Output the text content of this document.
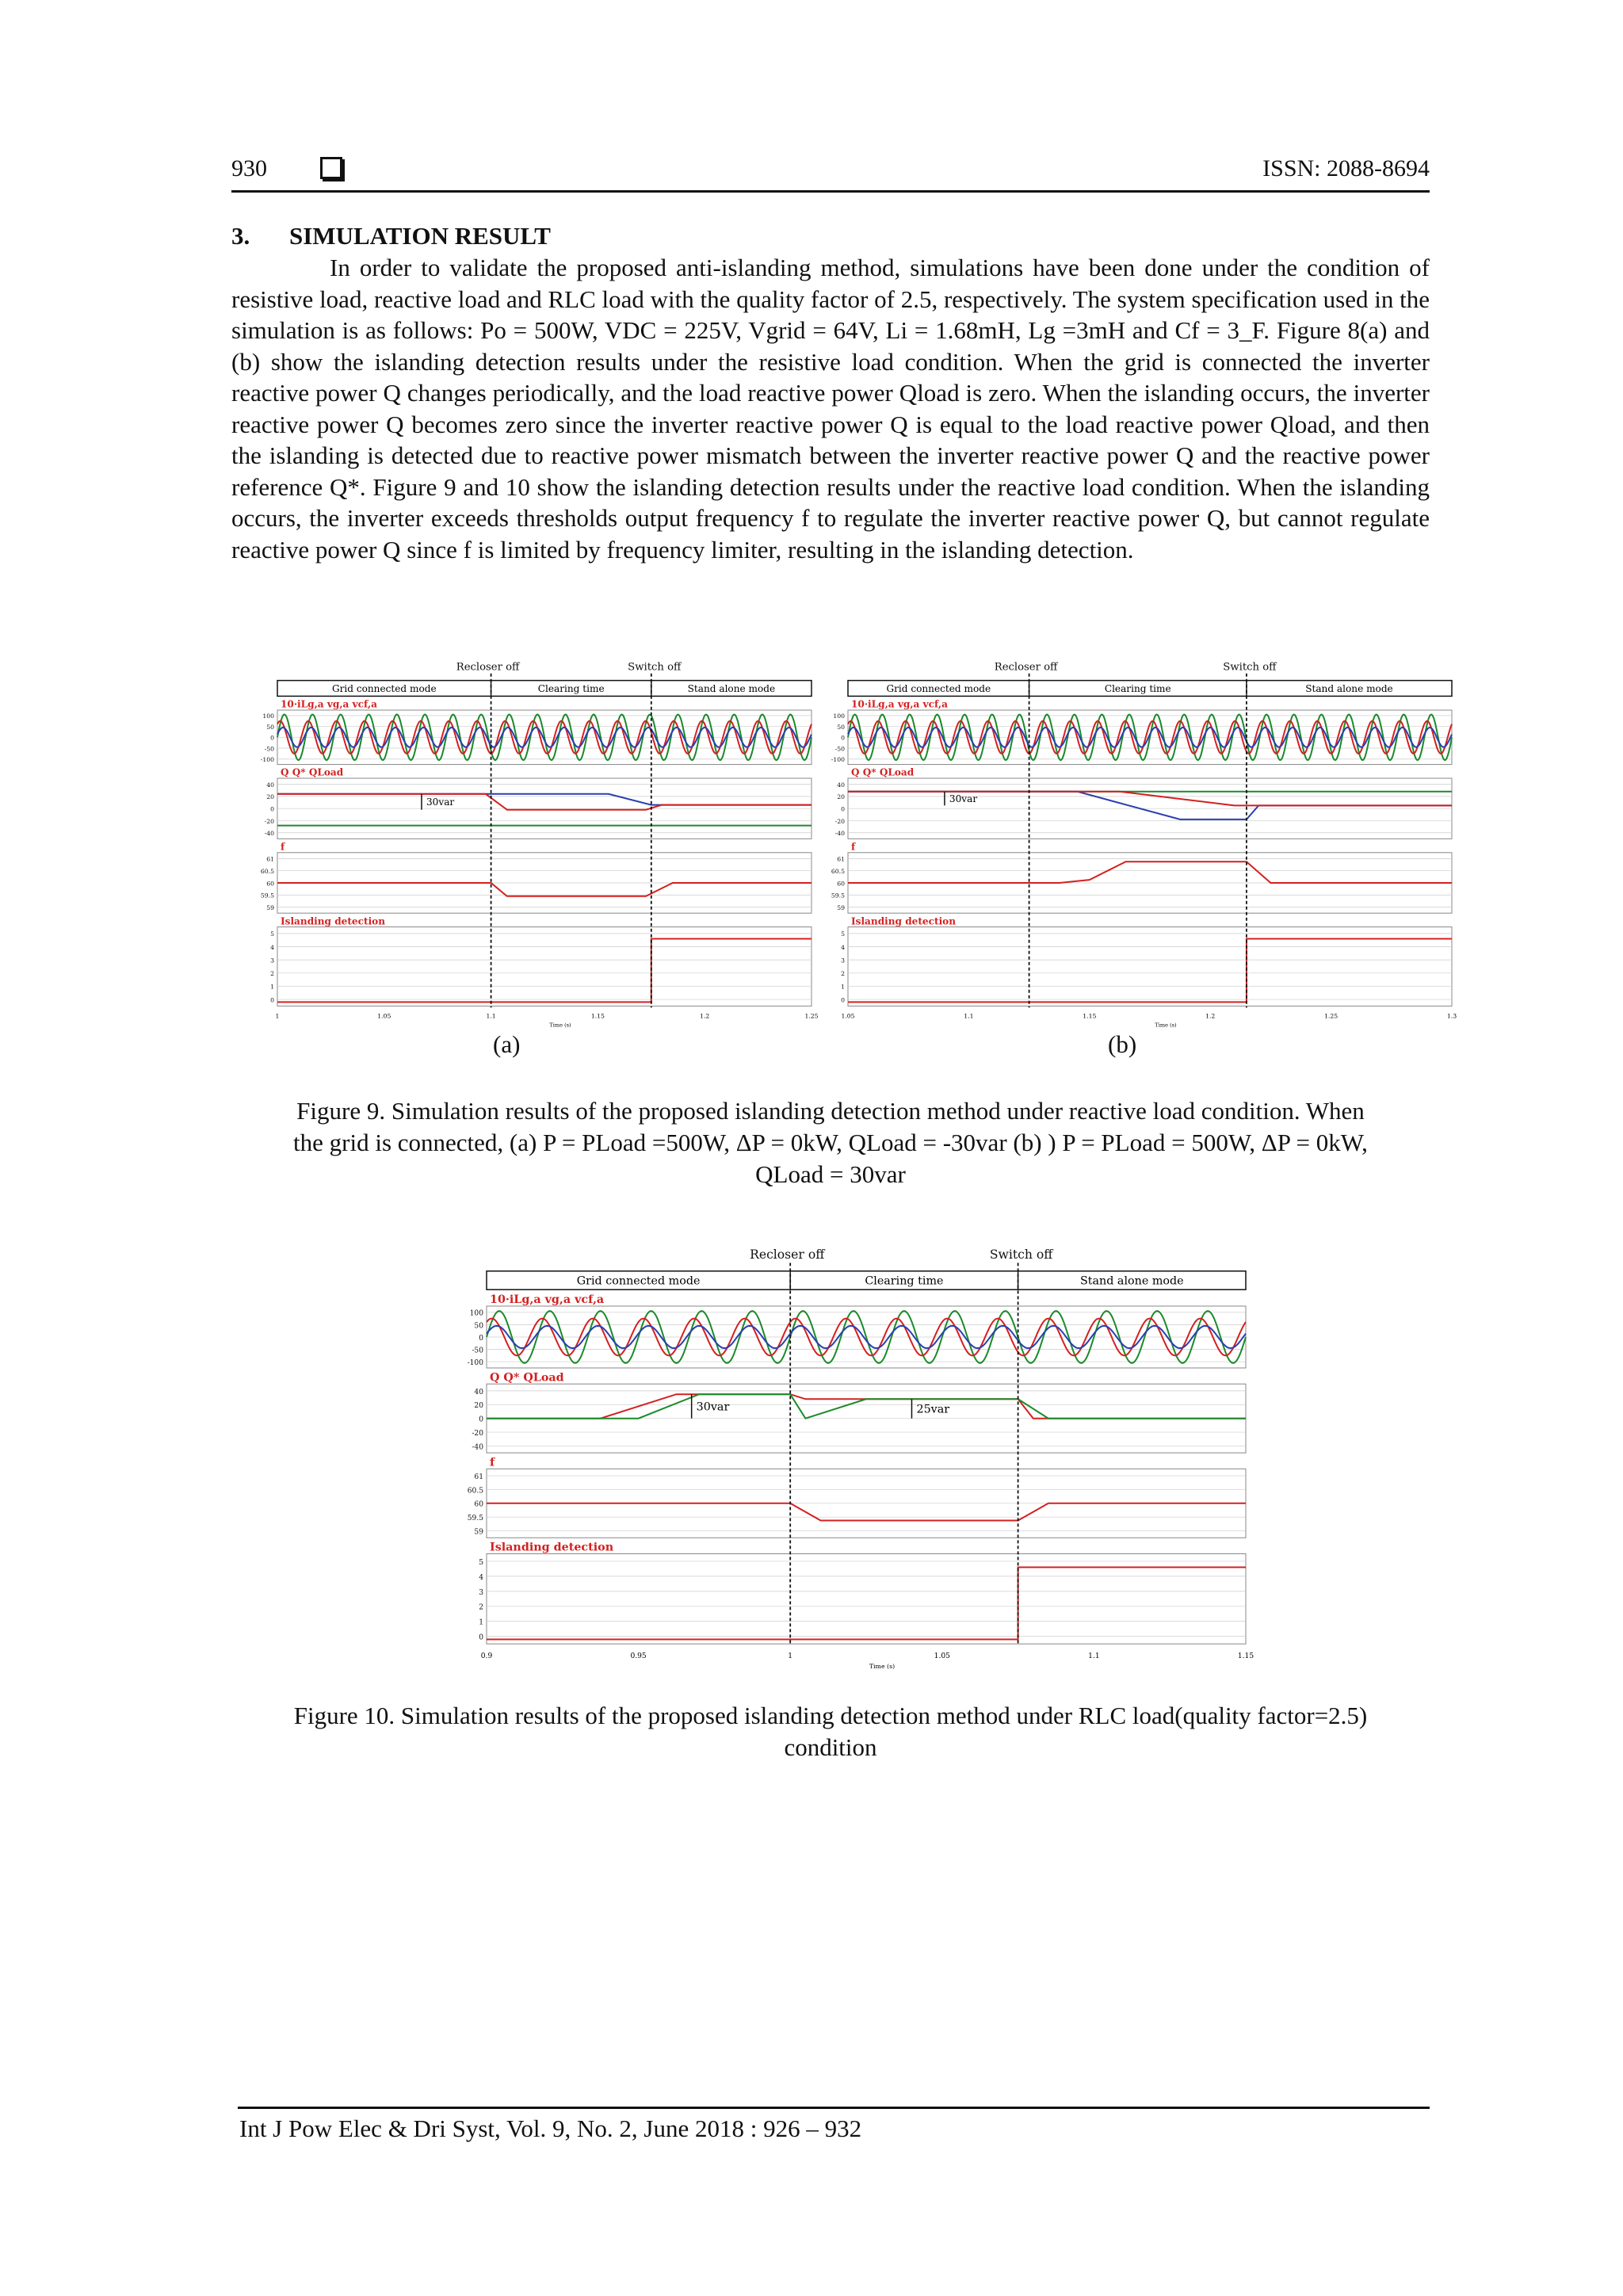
930	ISSN: 2088-8694
3. SIMULATION RESULT
In order to validate the proposed anti-islanding method, simulations have been done under the condition of resistive load, reactive load and RLC load with the quality factor of 2.5, respectively. The system specification used in the simulation is as follows: Po = 500W, VDC = 225V, Vgrid = 64V, Li = 1.68mH, Lg =3mH and Cf = 3_F. Figure 8(a) and (b) show the islanding detection results under the resistive load condition. When the grid is connected the inverter reactive power Q changes periodically, and the load reactive power Qload is zero. When the islanding occurs, the inverter reactive power Q becomes zero since the inverter reactive power Q is equal to the load reactive power Qload, and then the islanding is detected due to reactive power mismatch between the inverter reactive power Q and the reactive power reference Q*. Figure 9 and 10 show the islanding detection results under the reactive load condition. When the islanding occurs, the inverter exceeds thresholds output frequency f to regulate the inverter reactive power Q, but cannot regulate reactive power Q since f is limited by frequency limiter, resulting in the islanding detection.
Recloser off	Switch off
Grid connected mode	Clearing time	Stand alone mode
10·iLg,a vg,a vcf,a
100
50
0
-50
-100
Q Q* QLoad
40
20
0
-20
-40
30var
f
61
60.5
60
59.5
59
Islanding detection
5
4
3
2
1
0
1	1.05	1.1	1.15	1.2	1.25
Time (s)
(a)
Recloser off	Switch off
Grid connected mode	Clearing time	Stand alone mode
10·iLg,a vg,a vcf,a
100
50
0
-50
-100
Q Q* QLoad
40
20
0
-20
-40
30var
f
61
60.5
60
59.5
59
Islanding detection
5
4
3
2
1
0
1.05	1.1	1.15	1.2	1.25	1.3
Time (s)
(b)
Figure 9. Simulation results of the proposed islanding detection method under reactive load condition. When
the grid is connected, (a) P = PLoad =500W, ΔP = 0kW, QLoad = -30var (b) ) P = PLoad = 500W, ΔP = 0kW,
QLoad = 30var
Recloser off	Switch off
Grid connected mode	Clearing time	Stand alone mode
10·iLg,a vg,a vcf,a
100
50
0
-50
-100
Q Q* QLoad
40
20
0
-20
-40
30var	25var
f
61
60.5
60
59.5
59
Islanding detection
5
4
3
2
1
0
0.9	0.95	1	1.05	1.1	1.15
Time (s)
Figure 10. Simulation results of the proposed islanding detection method under RLC load(quality factor=2.5)
condition
Int J Pow Elec & Dri Syst, Vol. 9, No. 2, June 2018 : 926 – 932
